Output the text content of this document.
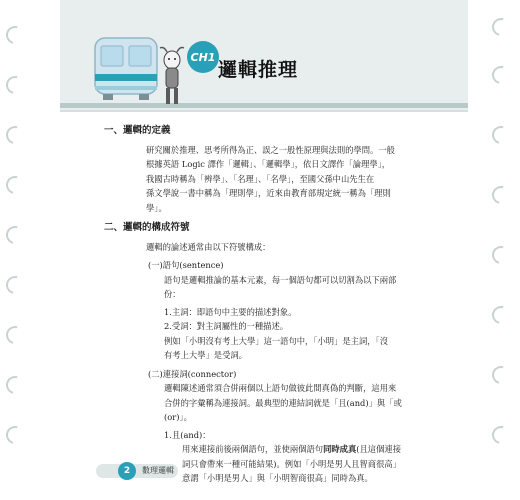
CH1
邏輯推理
一、邏輯的定義
研究關於推理、思考所得為正、誤之一般性原理與法則的學問。一般
根據英語 Logic 譯作「邏輯」、「邏輯學」，依日文譯作「論理學」，
我國古時稱為「辨學」、「名理」、「名學」，至國父孫中山先生在
孫文學說一書中稱為「理則學」，近來由教育部規定統一稱為「理則
學」。
二、邏輯的構成符號
邏輯的論述通常由以下符號構成：
(一)語句(sentence)
語句是邏輯推論的基本元素，每一個語句都可以切割為以下兩部
份：
1.主詞：即語句中主要的描述對象。
2.受詞：對主詞屬性的一種描述。
例如「小明沒有考上大學」這一語句中，「小明」是主詞，「沒
有考上大學」是受詞。
(二)連接詞(connector)
邏輯陳述通常須合併兩個以上語句做彼此間真偽的判斷，這用來
合併的字彙稱為連接詞。最典型的連結詞就是「且(and)」與「或
(or)」。
1.且(and)：
用來連接前後兩個語句，並使兩個語句同時成真(且這個連接
詞只會帶來一種可能結果)。例如「小明是男人且智商很高」
意謂「小明是男人」與「小明智商很高」同時為真。
2	數理邏輯
